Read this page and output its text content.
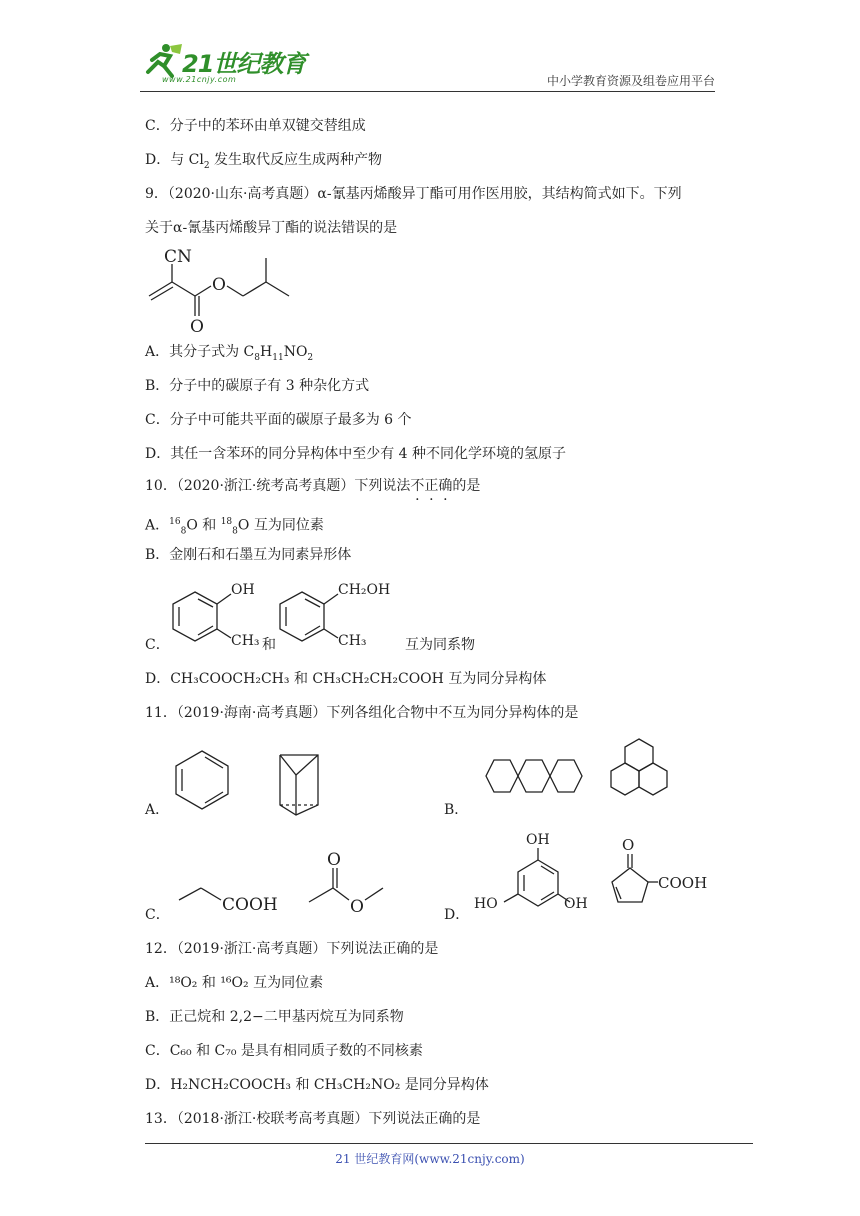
21世纪教育
www.21cnjy.com	中小学教育资源及组卷应用平台
C．分子中的苯环由单双键交替组成
D．与 $Cl_2$ 发生取代反应生成两种产物
9．（2020·山东·高考真题）α-氰基丙烯酸异丁酯可用作医用胶，其结构简式如下。下列
关于α-氰基丙烯酸异丁酯的说法错误的是
CN
O
O
A．其分子式为 $C_8H_{11}NO_2$
B．分子中的碳原子有 3 种杂化方式
C．分子中可能共平面的碳原子最多为 6 个
D．其任一含苯环的同分异构体中至少有 4 种不同化学环境的氢原子
10．（2020·浙江·统考高考真题）下列说法不正确的是
A．$^{16}_8$O 和 $^{18}_8$O 互为同位素
B．金刚石和石墨互为同素异形体
C．
OH
CH₃ 和
CH₂OH
CH₃	互为同系物
D．CH₃COOCH₂CH₃ 和 CH₃CH₂CH₂COOH 互为同分异构体
11．（2019·海南·高考真题）下列各组化合物中不互为同分异构体的是
A．	B．
C．	COOH
O
O	D．
OH
HO	OH
O
COOH
12．（2019·浙江·高考真题）下列说法正确的是
A．¹⁸O₂ 和 ¹⁶O₂ 互为同位素
B．正己烷和 2,2−二甲基丙烷互为同系物
C．C₆₀ 和 C₇₀ 是具有相同质子数的不同核素
D．H₂NCH₂COOCH₃ 和 CH₃CH₂NO₂ 是同分异构体
13．（2018·浙江·校联考高考真题）下列说法正确的是
21 世纪教育网(www.21cnjy.com)
